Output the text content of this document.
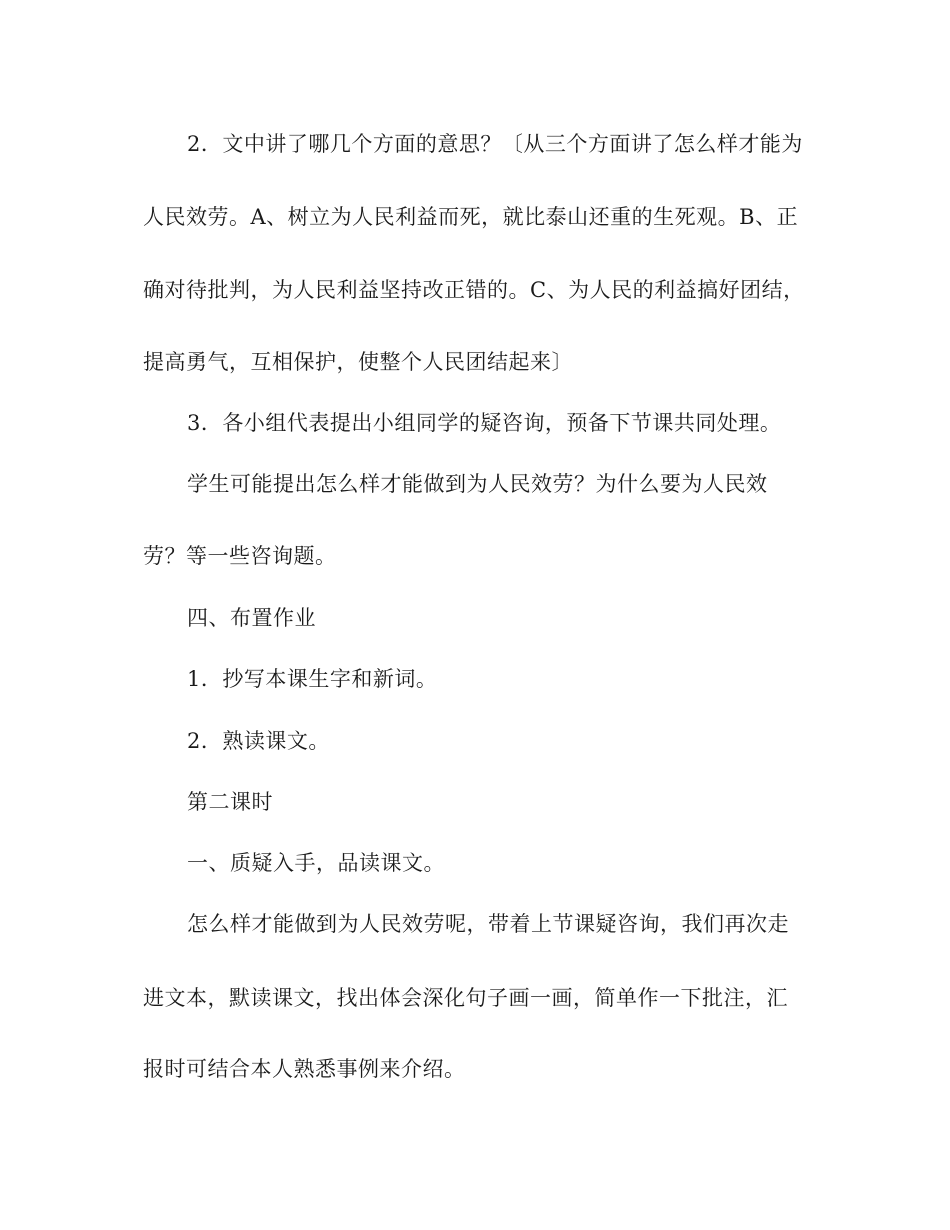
2．文中讲了哪几个方面的意思？〔从三个方面讲了怎么样才能为
人民效劳。A、树立为人民利益而死，就比泰山还重的生死观。B、正
确对待批判，为人民利益坚持改正错的。C、为人民的利益搞好团结，
提高勇气，互相保护，使整个人民团结起来〕
3．各小组代表提出小组同学的疑咨询，预备下节课共同处理。
学生可能提出怎么样才能做到为人民效劳？为什么要为人民效
劳？等一些咨询题。
四、布置作业
1．抄写本课生字和新词。
2．熟读课文。
第二课时
一、质疑入手，品读课文。
怎么样才能做到为人民效劳呢，带着上节课疑咨询，我们再次走
进文本，默读课文，找出体会深化句子画一画，简单作一下批注，汇
报时可结合本人熟悉事例来介绍。
